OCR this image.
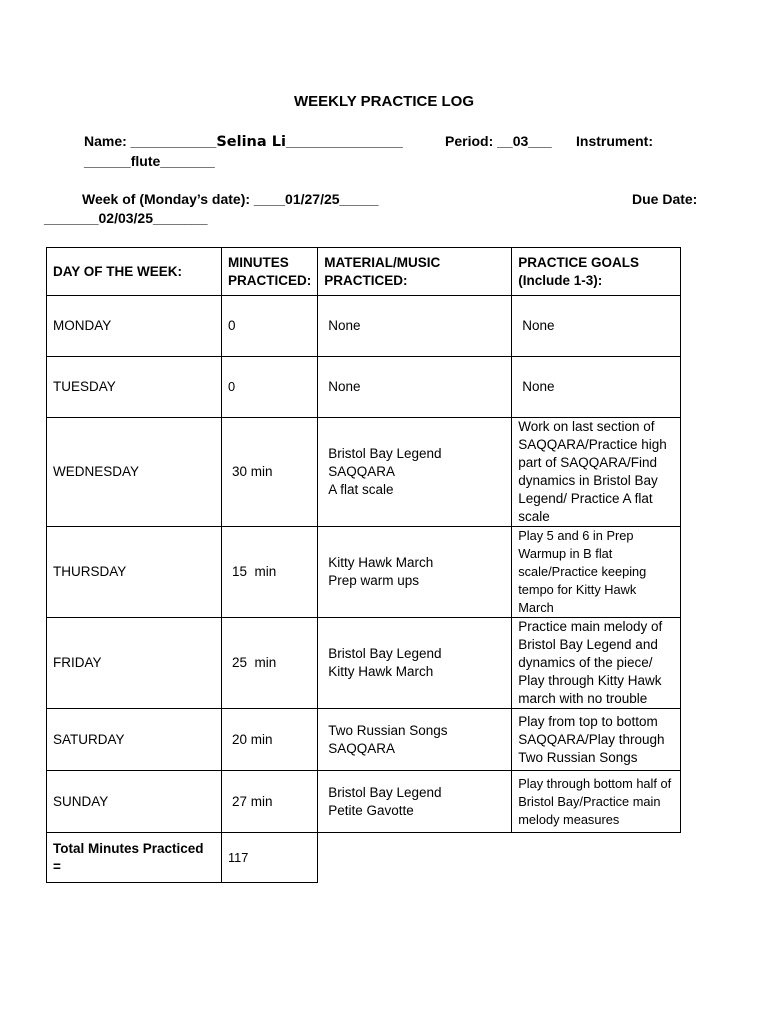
WEEKLY PRACTICE LOG
Name: ___________Selina Li_______________	Period: __03___ Instrument:
______flute_______
Week of (Monday’s date): ____01/27/25_____	Due Date:
_______02/03/25_______
DAY OF THE WEEK:	MINUTES PRACTICED:	MATERIAL/MUSIC PRACTICED:	PRACTICE GOALS (Include 1-3):
MONDAY	0	None	None
TUESDAY	0	None	None
WEDNESDAY	30 min	Bristol Bay Legend
SAQQARA
A flat scale	Work on last section of SAQQARA/Practice high part of SAQQARA/Find dynamics in Bristol Bay Legend/ Practice A flat scale
THURSDAY	15  min	Kitty Hawk March
Prep warm ups	Play 5 and 6 in Prep Warmup in B flat scale/Practice keeping  tempo for Kitty Hawk March
FRIDAY	25  min	Bristol Bay Legend
Kitty Hawk March	Practice main melody of Bristol Bay Legend and dynamics of the piece/ Play through Kitty Hawk march with no trouble
SATURDAY	20 min	Two Russian Songs
SAQQARA	Play from top to bottom SAQQARA/Play through Two Russian Songs
SUNDAY	27 min	Bristol Bay Legend
Petite Gavotte	Play through bottom half of Bristol Bay/Practice main melody measures
Total Minutes Practiced =	117		
